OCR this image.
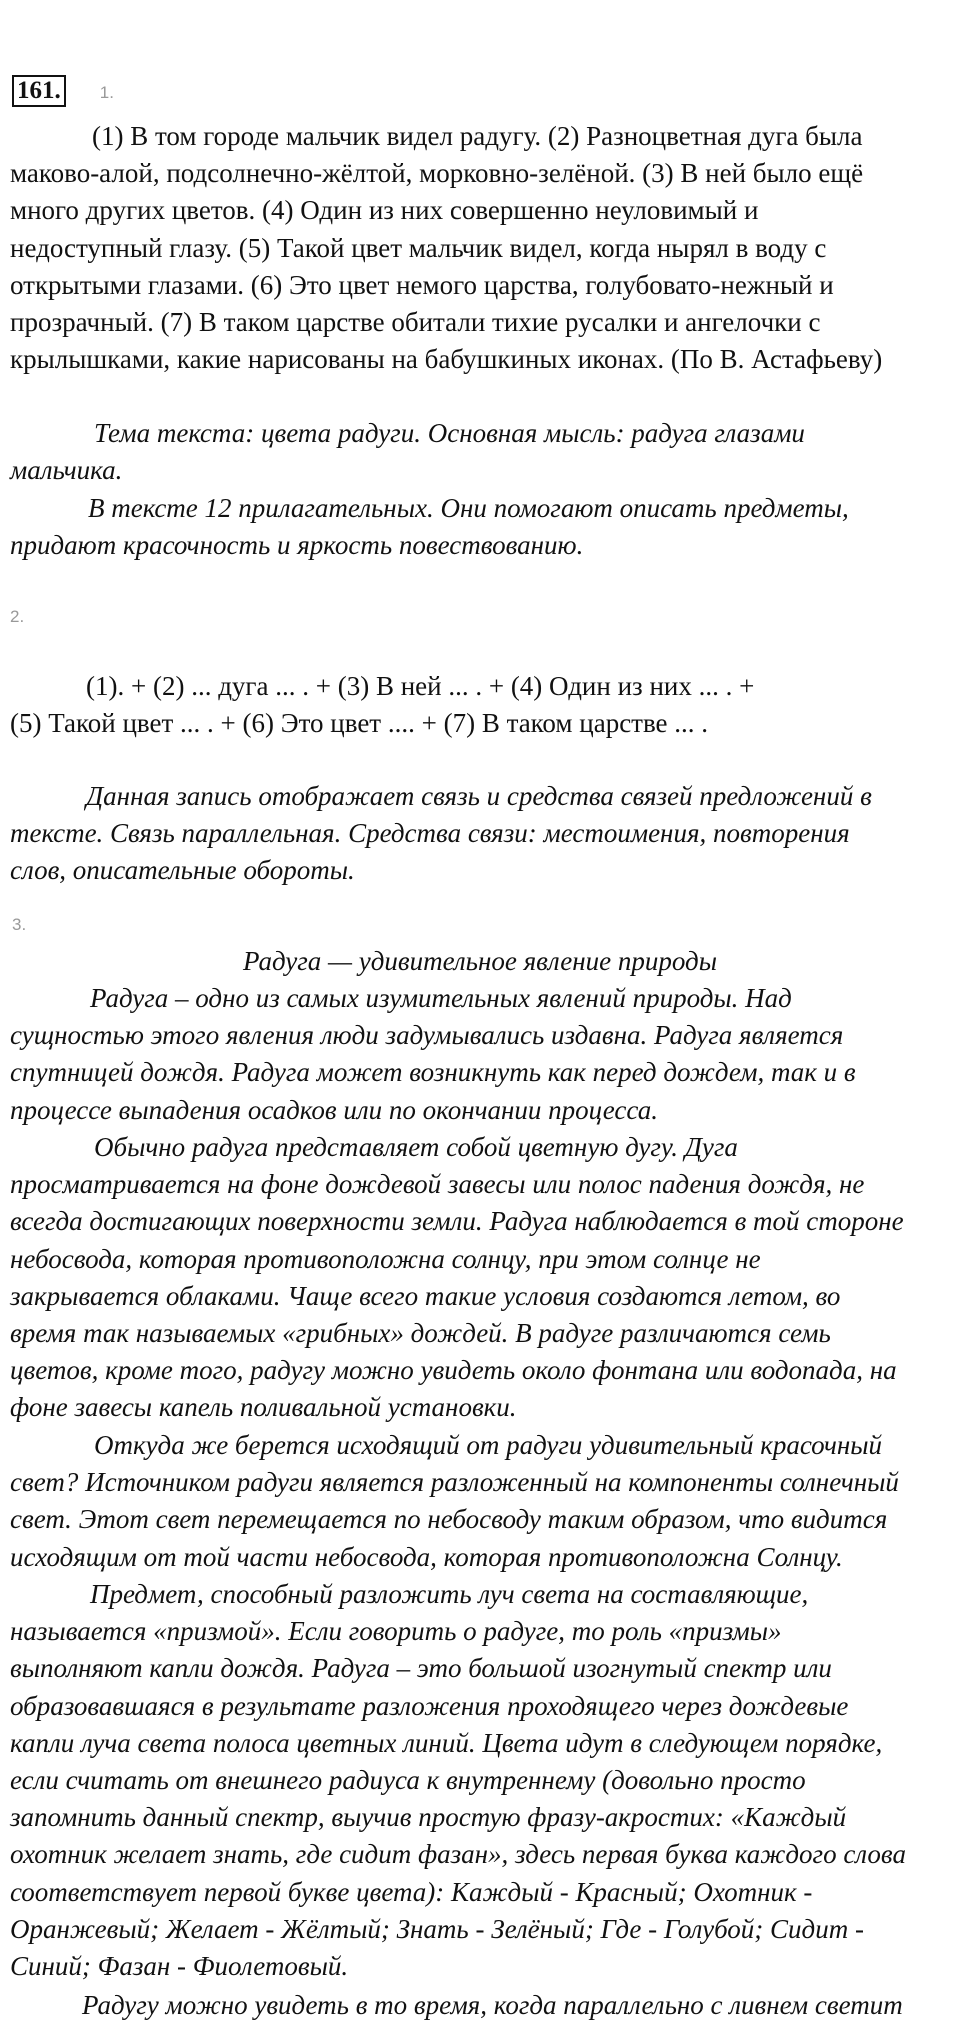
161. 1.

(1) В том городе мальчик видел радугу. (2) Разноцветная дуга была
маково-алой, подсолнечно-жёлтой, морковно-зелёной. (3) В ней было ещё
много других цветов. (4) Один из них совершенно неуловимый и
недоступный глазу. (5) Такой цвет мальчик видел, когда нырял в воду с
открытыми глазами. (6) Это цвет немого царства, голубовато-нежный и
прозрачный. (7) В таком царстве обитали тихие русалки и ангелочки с
крылышками, какие нарисованы на бабушкиных иконах. (По В. Астафьеву)

Тема текста: цвета радуги. Основная мысль: радуга глазами
мальчика.

В тексте 12 прилагательных. Они помогают описать предметы,
придают красочность и яркость повествованию.

2.

(1). + (2) ... дуга ... . + (3) В ней ... . + (4) Один из них ... . +
(5) Такой цвет ... . + (6) Это цвет .... + (7) В таком царстве ... .

Данная запись отображает связь и средства связей предложений в
тексте. Связь параллельная. Средства связи: местоимения, повторения
слов, описательные обороты.

3.

Радуга — удивительное явление природы

Радуга – одно из самых изумительных явлений природы. Над
сущностью этого явления люди задумывались издавна. Радуга является
спутницей дождя. Радуга может возникнуть как перед дождем, так и в
процессе выпадения осадков или по окончании процесса.

Обычно радуга представляет собой цветную дугу. Дуга
просматривается на фоне дождевой завесы или полос падения дождя, не
всегда достигающих поверхности земли. Радуга наблюдается в той стороне
небосвода, которая противоположна солнцу, при этом солнце не
закрывается облаками. Чаще всего такие условия создаются летом, во
время так называемых «грибных» дождей. В радуге различаются семь
цветов, кроме того, радугу можно увидеть около фонтана или водопада, на
фоне завесы капель поливальной установки.

Откуда же берется исходящий от радуги удивительный красочный
свет? Источником радуги является разложенный на компоненты солнечный
свет. Этот свет перемещается по небосводу таким образом, что видится
исходящим от той части небосвода, которая противоположна Солнцу.

Предмет, способный разложить луч света на составляющие,
называется «призмой». Если говорить о радуге, то роль «призмы»
выполняют капли дождя. Радуга – это большой изогнутый спектр или
образовавшаяся в результате разложения проходящего через дождевые
капли луча света полоса цветных линий. Цвета идут в следующем порядке,
если считать от внешнего радиуса к внутреннему (довольно просто
запомнить данный спектр, выучив простую фразу-акростих: «Каждый
охотник желает знать, где сидит фазан», здесь первая буква каждого слова
соответствует первой букве цвета): Каждый - Красный; Охотник -
Оранжевый; Желает - Жёлтый; Знать - Зелёный; Где - Голубой; Сидит -
Синий; Фазан - Фиолетовый.

Радугу можно увидеть в то время, когда параллельно с ливнем светит
